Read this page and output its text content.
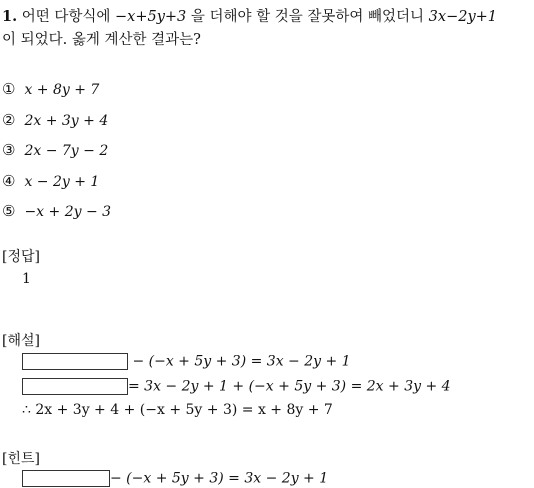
1. 어떤 다항식에 −x+5y+3 을 더해야 할 것을 잘못하여 빼었더니 3x−2y+1
이 되었다. 옳게 계산한 결과는?
① x + 8y + 7
② 2x + 3y + 4
③ 2x − 7y − 2
④ x − 2y + 1
⑤ −x + 2y − 3
[정답]
1
[해설]
− (−x + 5y + 3) = 3x − 2y + 1
= 3x − 2y + 1 + (−x + 5y + 3) = 2x + 3y + 4
∴ 2x + 3y + 4 + (−x + 5y + 3) = x + 8y + 7
[힌트]
− (−x + 5y + 3) = 3x − 2y + 1
